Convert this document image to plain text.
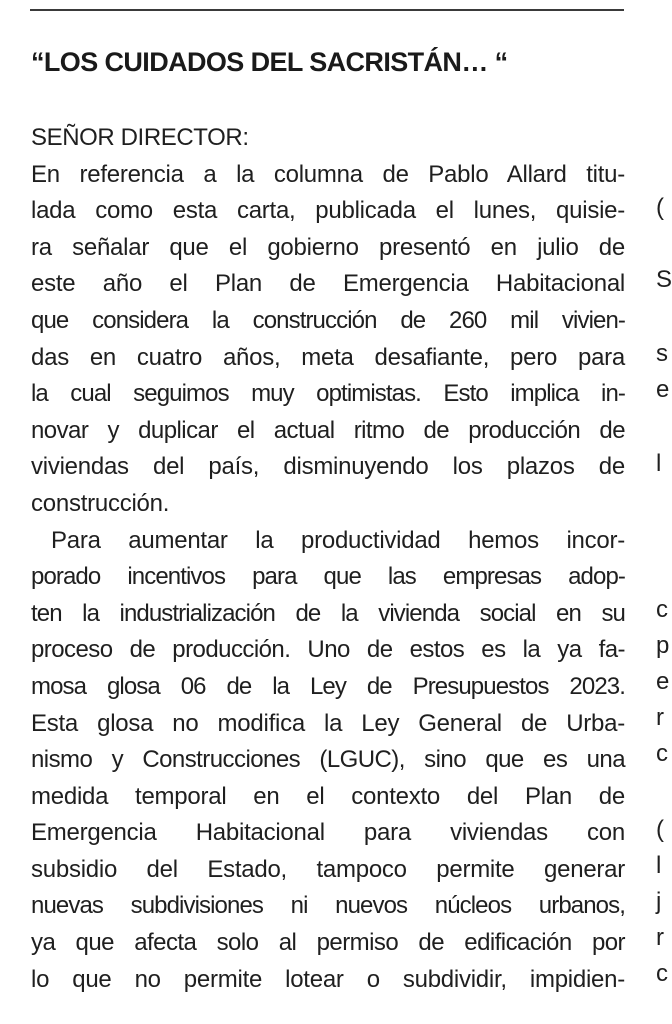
“LOS CUIDADOS DEL SACRISTÁN… “
SEÑOR DIRECTOR:
En referencia a la columna de Pablo Allard titu-
lada como esta carta, publicada el lunes, quisie-
ra señalar que el gobierno presentó en julio de
este año el Plan de Emergencia Habitacional
que considera la construcción de 260 mil vivien-
das en cuatro años, meta desafiante, pero para
la cual seguimos muy optimistas. Esto implica in-
novar y duplicar el actual ritmo de producción de
viviendas del país, disminuyendo los plazos de
construcción.
Para aumentar la productividad hemos incor-
porado incentivos para que las empresas adop-
ten la industrialización de la vivienda social en su
proceso de producción. Uno de estos es la ya fa-
mosa glosa 06 de la Ley de Presupuestos 2023.
Esta glosa no modifica la Ley General de Urba-
nismo y Construcciones (LGUC), sino que es una
medida temporal en el contexto del Plan de
Emergencia Habitacional para viviendas con
subsidio del Estado, tampoco permite generar
nuevas subdivisiones ni nuevos núcleos urbanos,
ya que afecta solo al permiso de edificación por
lo que no permite lotear o subdividir, impidien-
(
S
s
e
l
c
p
e
r
c
(
l
j
r
c
